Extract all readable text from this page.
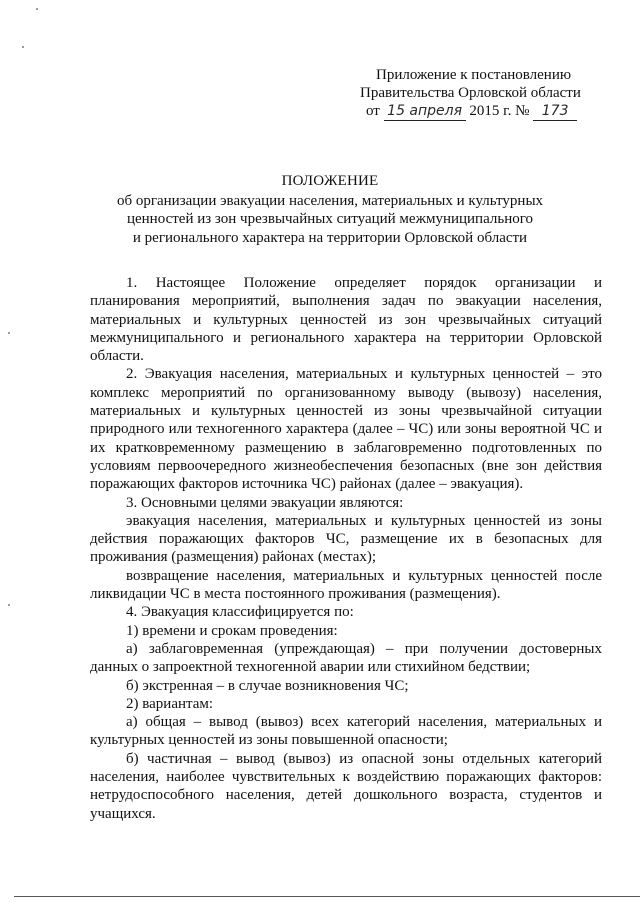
Приложение к постановлению
Правительства Орловской области
от 15 апреля 2015 г. № 173
ПОЛОЖЕНИЕ
об организации эвакуации населения, материальных и культурных
ценностей из зон чрезвычайных ситуаций межмуниципального
и регионального характера на территории Орловской области

1. Настоящее Положение определяет порядок организации и планирования мероприятий, выполнения задач по эвакуации населения, материальных и культурных ценностей из зон чрезвычайных ситуаций межмуниципального и регионального характера на территории Орловской области.

2. Эвакуация населения, материальных и культурных ценностей – это комплекс мероприятий по организованному выводу (вывозу) населения, материальных и культурных ценностей из зоны чрезвычайной ситуации природного или техногенного характера (далее – ЧС) или зоны вероятной ЧС и их кратковременному размещению в заблаговременно подготовленных по условиям первоочередного жизнеобеспечения безопасных (вне зон действия поражающих факторов источника ЧС) районах (далее – эвакуация).

3. Основными целями эвакуации являются:

эвакуация населения, материальных и культурных ценностей из зоны действия поражающих факторов ЧС, размещение их в безопасных для проживания (размещения) районах (местах);

возвращение населения, материальных и культурных ценностей после ликвидации ЧС в места постоянного проживания (размещения).

4. Эвакуация классифицируется по:

1) времени и срокам проведения:

а) заблаговременная (упреждающая) – при получении достоверных данных о запроектной техногенной аварии или стихийном бедствии;

б) экстренная – в случае возникновения ЧС;

2) вариантам:

а) общая – вывод (вывоз) всех категорий населения, материальных и культурных ценностей из зоны повышенной опасности;

б) частичная – вывод (вывоз) из опасной зоны отдельных категорий населения, наиболее чувствительных к воздействию поражающих факторов: нетрудоспособного населения, детей дошкольного возраста, студентов и учащихся.
